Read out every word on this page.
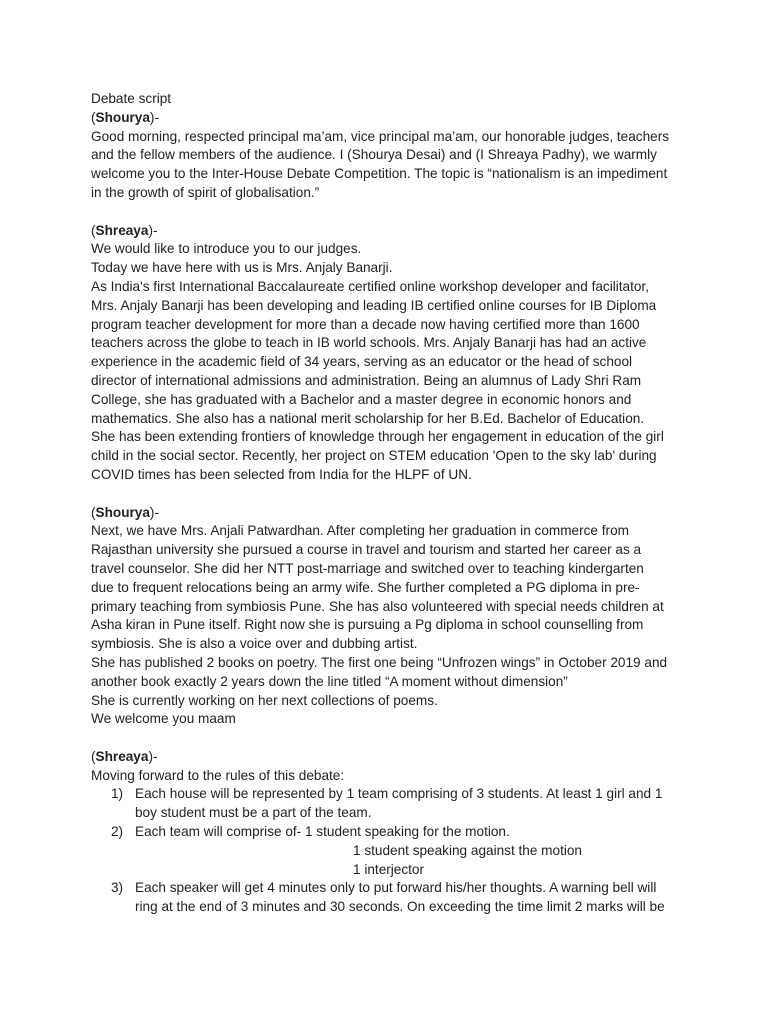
Debate script
(Shourya)-
Good morning, respected principal ma’am, vice principal ma’am, our honorable judges, teachers
and the fellow members of the audience. I (Shourya Desai) and (I Shreaya Padhy), we warmly
welcome you to the Inter-House Debate Competition. The topic is “nationalism is an impediment
in the growth of spirit of globalisation.”
(Shreaya)-
We would like to introduce you to our judges.
Today we have here with us is Mrs. Anjaly Banarji.
As India's first International Baccalaureate certified online workshop developer and facilitator,
Mrs. Anjaly Banarji has been developing and leading IB certified online courses for IB Diploma
program teacher development for more than a decade now having certified more than 1600
teachers across the globe to teach in IB world schools. Mrs. Anjaly Banarji has had an active
experience in the academic field of 34 years, serving as an educator or the head of school
director of international admissions and administration. Being an alumnus of Lady Shri Ram
College, she has graduated with a Bachelor and a master degree in economic honors and
mathematics. She also has a national merit scholarship for her B.Ed. Bachelor of Education.
She has been extending frontiers of knowledge through her engagement in education of the girl
child in the social sector. Recently, her project on STEM education 'Open to the sky lab' during
COVID times has been selected from India for the HLPF of UN.
(Shourya)-
Next, we have Mrs. Anjali Patwardhan. After completing her graduation in commerce from
Rajasthan university she pursued a course in travel and tourism and started her career as a
travel counselor. She did her NTT post-marriage and switched over to teaching kindergarten
due to frequent relocations being an army wife. She further completed a PG diploma in pre-
primary teaching from symbiosis Pune. She has also volunteered with special needs children at
Asha kiran in Pune itself. Right now she is pursuing a Pg diploma in school counselling from
symbiosis. She is also a voice over and dubbing artist.
She has published 2 books on poetry. The first one being “Unfrozen wings” in October 2019 and
another book exactly 2 years down the line titled “A moment without dimension”
She is currently working on her next collections of poems.
We welcome you maam
(Shreaya)-
Moving forward to the rules of this debate:
1) Each house will be represented by 1 team comprising of 3 students. At least 1 girl and 1
boy student must be a part of the team.
2) Each team will comprise of- 1 student speaking for the motion.
1 student speaking against the motion
1 interjector
3) Each speaker will get 4 minutes only to put forward his/her thoughts. A warning bell will
ring at the end of 3 minutes and 30 seconds. On exceeding the time limit 2 marks will be
